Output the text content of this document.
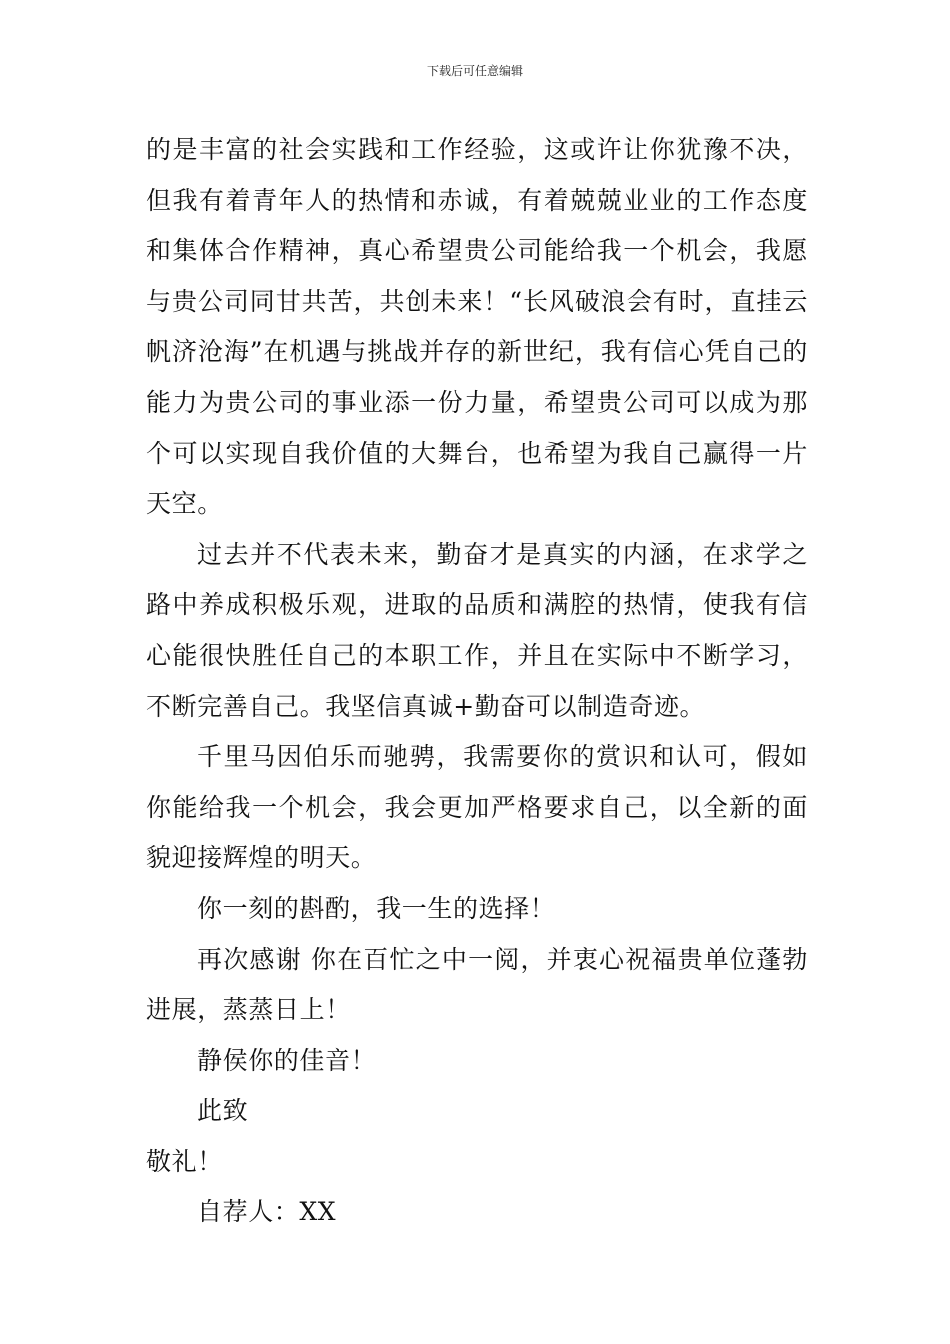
下载后可任意编辑

的是丰富的社会实践和工作经验，这或许让你犹豫不决，但我有着青年人的热情和赤诚，有着兢兢业业的工作态度和集体合作精神，真心希望贵公司能给我一个机会，我愿与贵公司同甘共苦，共创未来！“长风破浪会有时，直挂云帆济沧海”在机遇与挑战并存的新世纪，我有信心凭自己的能力为贵公司的事业添一份力量，希望贵公司可以成为那个可以实现自我价值的大舞台，也希望为我自己赢得一片天空。

过去并不代表未来，勤奋才是真实的内涵，在求学之路中养成积极乐观，进取的品质和满腔的热情，使我有信心能很快胜任自己的本职工作，并且在实际中不断学习，不断完善自己。我坚信真诚+勤奋可以制造奇迹。

千里马因伯乐而驰骋，我需要你的赏识和认可，假如你能给我一个机会，我会更加严格要求自己，以全新的面貌迎接辉煌的明天。

你一刻的斟酌，我一生的选择！

再次感谢 你在百忙之中一阅，并衷心祝福贵单位蓬勃进展，蒸蒸日上！

静侯你的佳音！

此致

敬礼！

自荐人：XX
